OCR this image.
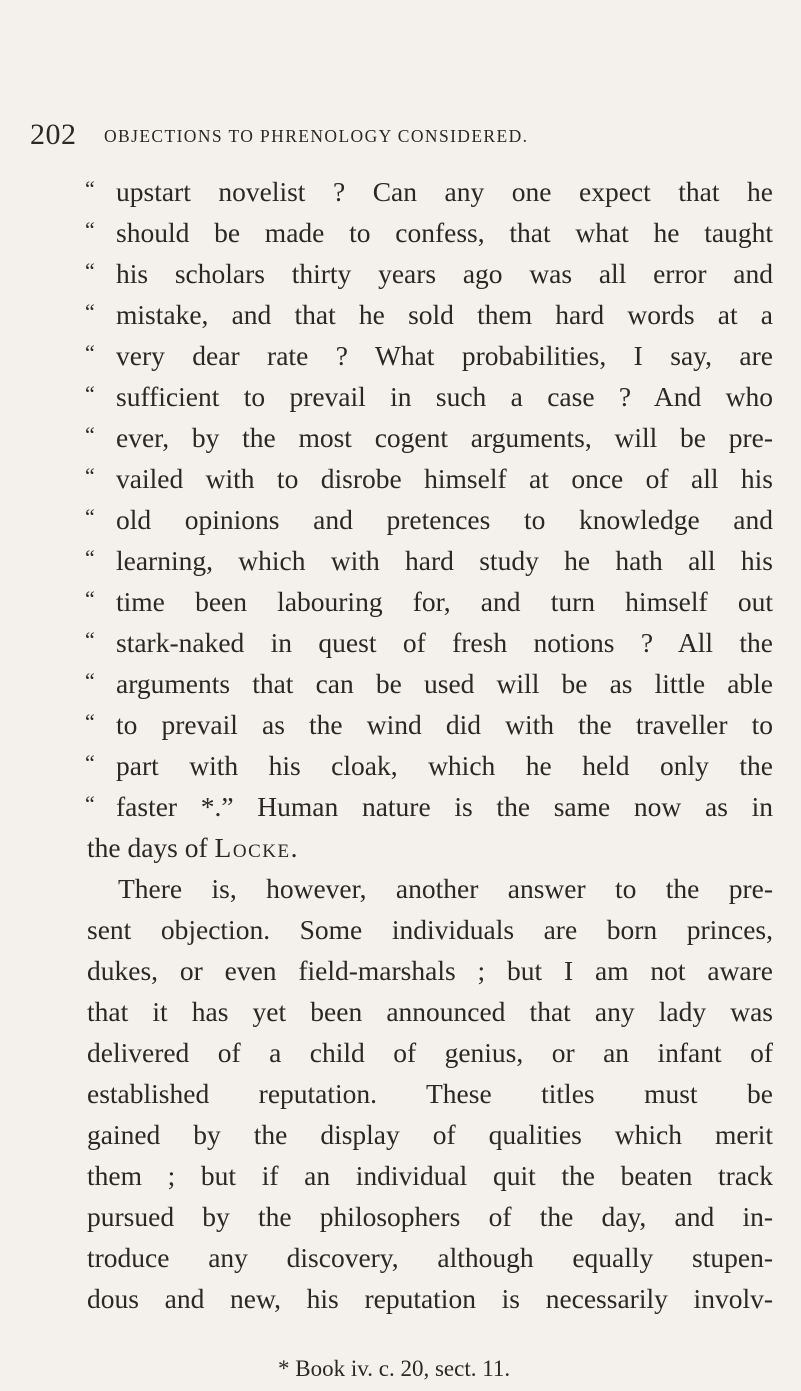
202 OBJECTIONS TO PHRENOLOGY CONSIDERED.
“ upstart novelist ? Can any one expect that he
“ should be made to confess, that what he taught
“ his scholars thirty years ago was all error and
“ mistake, and that he sold them hard words at a
“ very dear rate ? What probabilities, I say, are
“ sufficient to prevail in such a case ? And who
“ ever, by the most cogent arguments, will be pre-
“ vailed with to disrobe himself at once of all his
“ old opinions and pretences to knowledge and
“ learning, which with hard study he hath all his
“ time been labouring for, and turn himself out
“ stark-naked in quest of fresh notions ? All the
“ arguments that can be used will be as little able
“ to prevail as the wind did with the traveller to
“ part with his cloak, which he held only the
“ faster *.” Human nature is the same now as in
the days of Locke.
There is, however, another answer to the pre-
sent objection. Some individuals are born princes,
dukes, or even field-marshals ; but I am not aware
that it has yet been announced that any lady was
delivered of a child of genius, or an infant of
established reputation. These titles must be
gained by the display of qualities which merit
them ; but if an individual quit the beaten track
pursued by the philosophers of the day, and in-
troduce any discovery, although equally stupen-
dous and new, his reputation is necessarily involv-
* Book iv. c. 20, sect. 11.
